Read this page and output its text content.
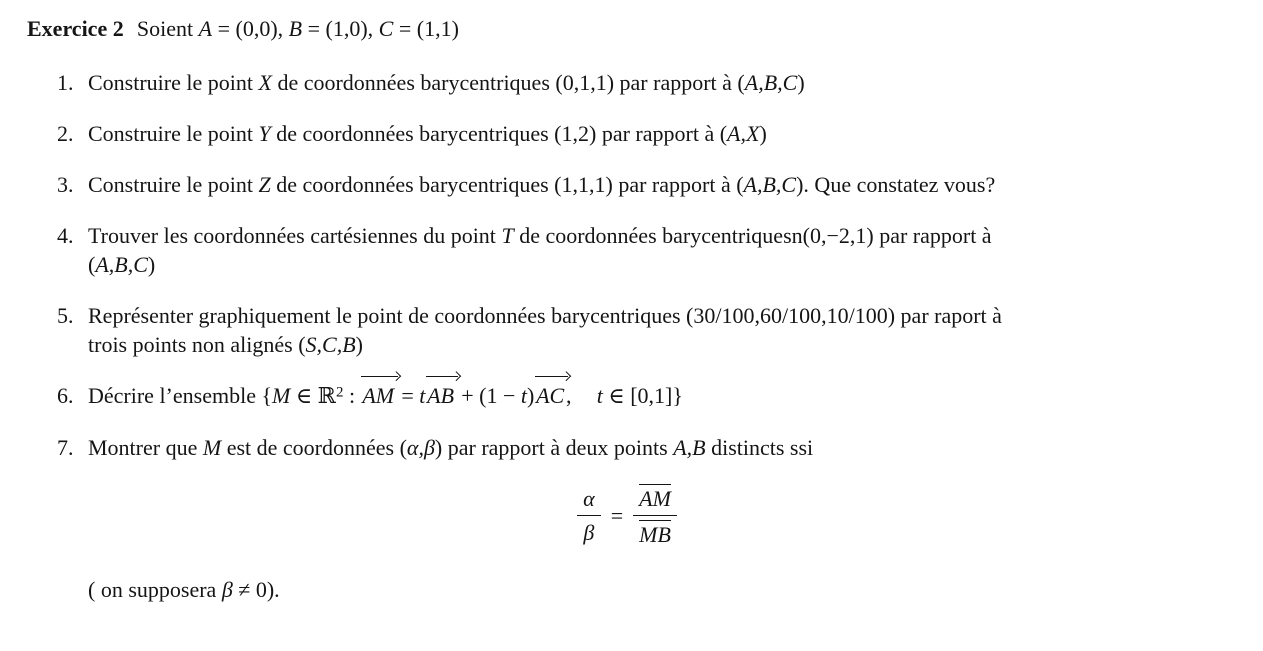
Exercice 2 Soient A = (0,0), B = (1,0), C = (1,1)
1. Construire le point X de coordonnées barycentriques (0,1,1) par rapport à (A,B,C)
2. Construire le point Y de coordonnées barycentriques (1,2) par rapport à (A,X)
3. Construire le point Z de coordonnées barycentriques (1,1,1) par rapport à (A,B,C). Que constatez vous?
4. Trouver les coordonnées cartésiennes du point T de coordonnées barycentriquesn(0,−2,1) par rapport à
(A,B,C)
5. Représenter graphiquement le point de coordonnées barycentriques (30/100,60/100,10/100) par raport à
trois points non alignés (S,C,B)
6. Décrire l’ensemble {M ∈ ℝ$^2$ : AM = tAB + (1 − t)AC, t ∈ [0,1]}
7. Montrer que M est de coordonnées (α,β) par rapport à deux points A,B distincts ssi
$\frac{\alpha}{\beta} = \frac{AM}{MB}$
( on supposera β ≠ 0).
